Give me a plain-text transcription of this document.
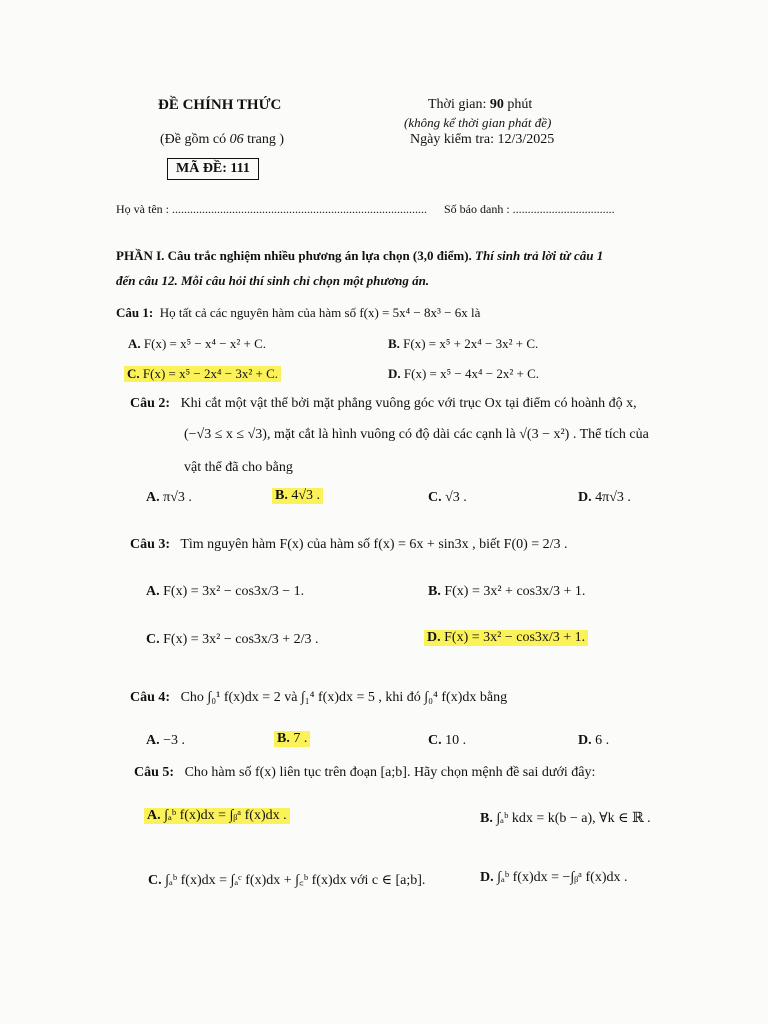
ĐỀ CHÍNH THỨC
(Đề gồm có 06 trang )
MÃ ĐỀ: 111
Thời gian: 90 phút
(không kể thời gian phát đề)
Ngày kiểm tra: 12/3/2025
Họ và tên : ..................................................................................... Số báo danh : ..................................
PHẦN I. Câu trắc nghiệm nhiều phương án lựa chọn (3,0 điểm). Thí sinh trả lời từ câu 1
đến câu 12. Mỗi câu hỏi thí sinh chỉ chọn một phương án.
Câu 1: Họ tất cả các nguyên hàm của hàm số f(x) = 5x⁴ − 8x³ − 6x là
A. F(x) = x⁵ − x⁴ − x² + C.	B. F(x) = x⁵ + 2x⁴ − 3x² + C.
C. F(x) = x⁵ − 2x⁴ − 3x² + C.	D. F(x) = x⁵ − 4x⁴ − 2x² + C.
Câu 2: Khi cắt một vật thể bởi mặt phẳng vuông góc với trục Ox tại điểm có hoành độ x,
(−√3 ≤ x ≤ √3), mặt cắt là hình vuông có độ dài các cạnh là √(3 − x²) . Thể tích của
vật thể đã cho bằng
A. π√3 .	B. 4√3 .	C. √3 .	D. 4π√3 .
Câu 3: Tìm nguyên hàm F(x) của hàm số f(x) = 6x + sin3x , biết F(0) = 2/3 .
A. F(x) = 3x² − cos3x/3 − 1.	B. F(x) = 3x² + cos3x/3 + 1.
C. F(x) = 3x² − cos3x/3 + 2/3 .	D. F(x) = 3x² − cos3x/3 + 1.
Câu 4: Cho ∫₀¹ f(x)dx = 2 và ∫₁⁴ f(x)dx = 5 , khi đó ∫₀⁴ f(x)dx bằng
A. −3 .	B. 7 .	C. 10 .	D. 6 .
Câu 5: Cho hàm số f(x) liên tục trên đoạn [a;b]. Hãy chọn mệnh đề sai dưới đây:
A. ∫ₐᵇ f(x)dx = ∫ᵦᵃ f(x)dx .	B. ∫ₐᵇ kdx = k(b − a), ∀k ∈ ℝ .
C. ∫ₐᵇ f(x)dx = ∫ₐᶜ f(x)dx + ∫꜀ᵇ f(x)dx với c ∈ [a;b].	D. ∫ₐᵇ f(x)dx = −∫ᵦᵃ f(x)dx .
